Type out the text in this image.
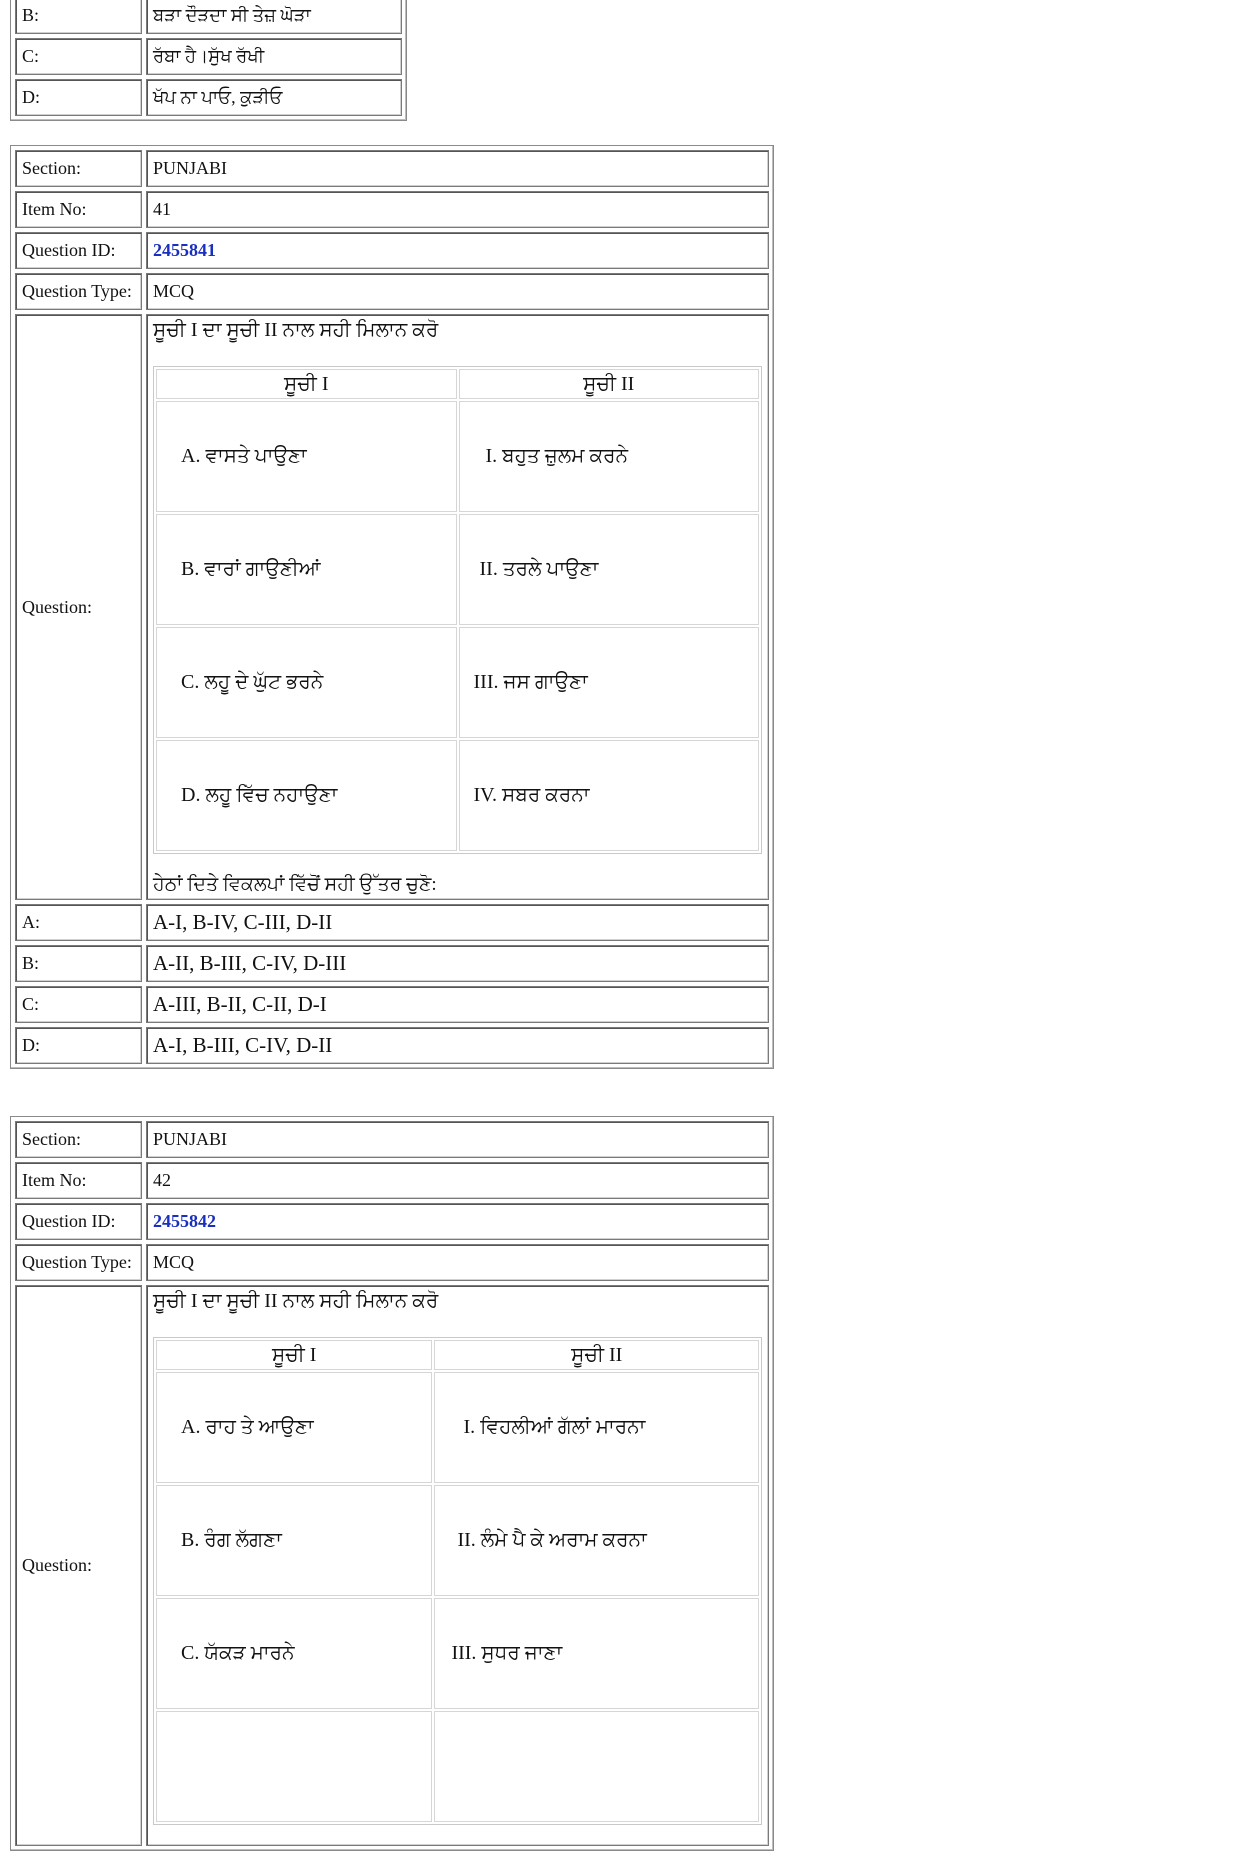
B:	ਬੜਾ ਦੌੜਦਾ ਸੀ ਤੇਜ਼ ਘੋੜਾ
C:	ਰੱਬਾ ਹੈ।ਸੁੱਖ ਰੱਖੀ
D:	ਖੱਪ ਨਾ ਪਾਓ, ਕੁੜੀਓ
Section:	PUNJABI
Item No:	41
Question ID:	2455841
Question Type:	MCQ
Question:	
ਸੂਚੀ I ਦਾ ਸੂਚੀ II ਨਾਲ ਸਹੀ ਮਿਲਾਨ ਕਰੋ
ਸੂਚੀ I	ਸੂਚੀ II
A. ਵਾਸਤੇ ਪਾਉਣਾ	I. ਬਹੁਤ ਜ਼ੁਲਮ ਕਰਨੇ
B. ਵਾਰਾਂ ਗਾਉਣੀਆਂ	II. ਤਰਲੇ ਪਾਉਣਾ
C. ਲਹੂ ਦੇ ਘੁੱਟ ਭਰਨੇ	III. ਜਸ ਗਾਉਣਾ
D. ਲਹੂ ਵਿੱਚ ਨਹਾਉਣਾ	IV. ਸਬਰ ਕਰਨਾ
ਹੇਠਾਂ ਦਿਤੇ ਵਿਕਲਪਾਂ ਵਿੱਚੋਂ ਸਹੀ ਉੱਤਰ ਚੁਣੋ:

A:	A-I, B-IV, C-III, D-II
B:	A-II, B-III, C-IV, D-III
C:	A-III, B-II, C-II, D-I
D:	A-I, B-III, C-IV, D-II
Section:	PUNJABI
Item No:	42
Question ID:	2455842
Question Type:	MCQ
Question:	
ਸੂਚੀ I ਦਾ ਸੂਚੀ II ਨਾਲ ਸਹੀ ਮਿਲਾਨ ਕਰੋ
ਸੂਚੀ I	ਸੂਚੀ II
A. ਰਾਹ ਤੇ ਆਉਣਾ	I. ਵਿਹਲੀਆਂ ਗੱਲਾਂ ਮਾਰਨਾ
B. ਰੰਗ ਲੱਗਣਾ	II. ਲੰਮੇ ਪੈ ਕੇ ਅਰਾਮ ਕਰਨਾ
C. ਯੱਕੜ ਮਾਰਨੇ	III. ਸੁਧਰ ਜਾਣਾ
